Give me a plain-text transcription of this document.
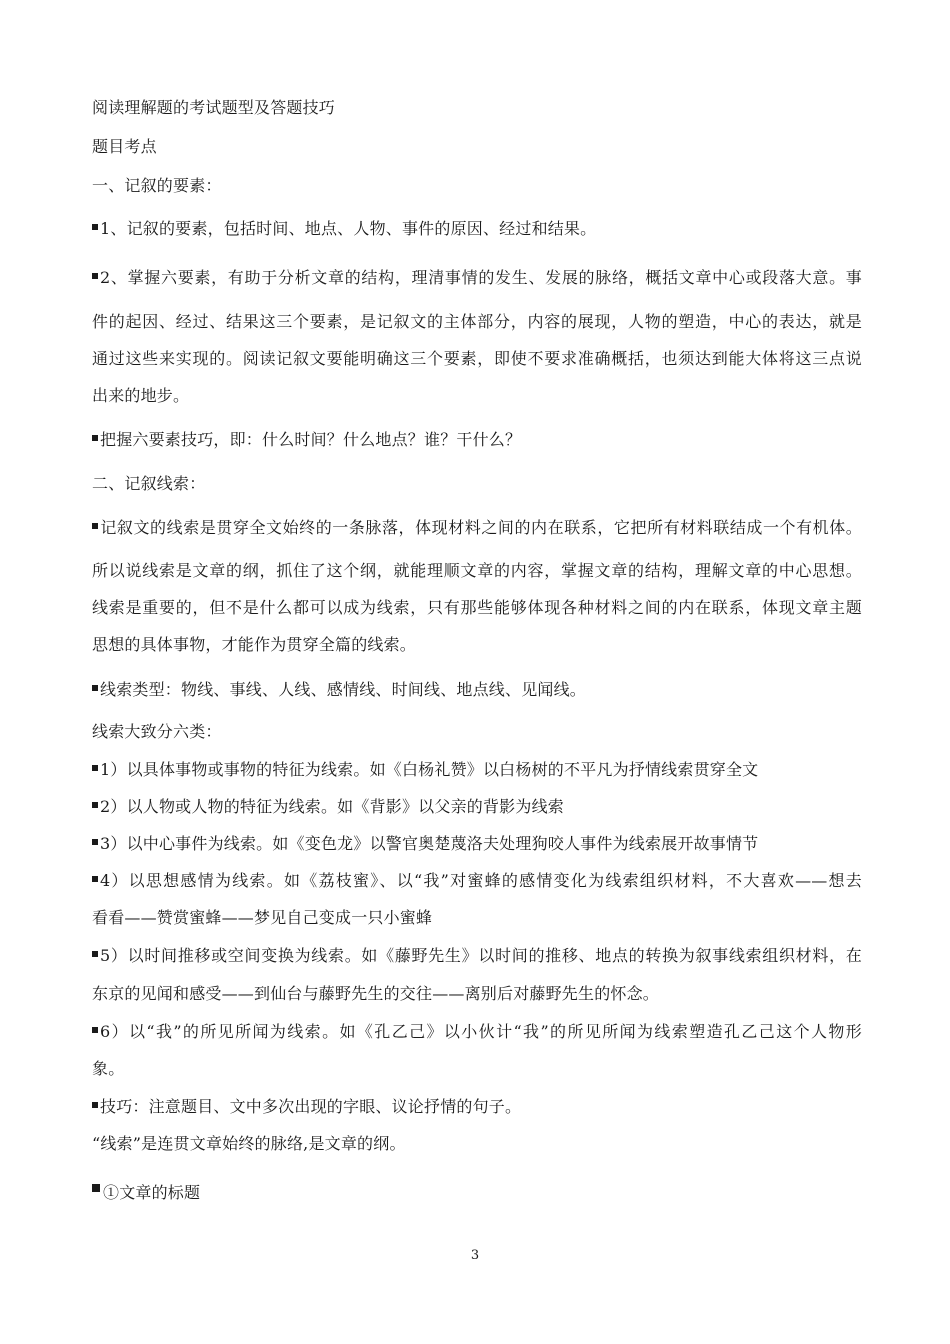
阅读理解题的考试题型及答题技巧
题目考点
一、记叙的要素：
1、记叙的要素，包括时间、地点、人物、事件的原因、经过和结果。
2、掌握六要素，有助于分析文章的结构，理清事情的发生、发展的脉络，概括文章中心或段落大意。事
件的起因、经过、结果这三个要素，是记叙文的主体部分，内容的展现，人物的塑造，中心的表达，就是
通过这些来实现的。阅读记叙文要能明确这三个要素，即使不要求准确概括，也须达到能大体将这三点说
出来的地步。
把握六要素技巧，即：什么时间？什么地点？谁？干什么？
二、记叙线索：
记叙文的线索是贯穿全文始终的一条脉落，体现材料之间的内在联系，它把所有材料联结成一个有机体。
所以说线索是文章的纲，抓住了这个纲，就能理顺文章的内容，掌握文章的结构，理解文章的中心思想。
线索是重要的，但不是什么都可以成为线索，只有那些能够体现各种材料之间的内在联系，体现文章主题
思想的具体事物，才能作为贯穿全篇的线索。
线索类型：物线、事线、人线、感情线、时间线、地点线、见闻线。
线索大致分六类：
1）以具体事物或事物的特征为线索。如《白杨礼赞》以白杨树的不平凡为抒情线索贯穿全文
2）以人物或人物的特征为线索。如《背影》以父亲的背影为线索
3）以中心事件为线索。如《变色龙》以警官奥楚蔑洛夫处理狗咬人事件为线索展开故事情节
4）以思想感情为线索。如《荔枝蜜》、以“我”对蜜蜂的感情变化为线索组织材料，不大喜欢——想去
看看——赞赏蜜蜂——梦见自己变成一只小蜜蜂
5）以时间推移或空间变换为线索。如《藤野先生》以时间的推移、地点的转换为叙事线索组织材料，在
东京的见闻和感受——到仙台与藤野先生的交往——离别后对藤野先生的怀念。
6）以“我”的所见所闻为线索。如《孔乙己》以小伙计“我”的所见所闻为线索塑造孔乙己这个人物形
象。
技巧：注意题目、文中多次出现的字眼、议论抒情的句子。
“线索”是连贯文章始终的脉络,是文章的纲。
①文章的标题
3
